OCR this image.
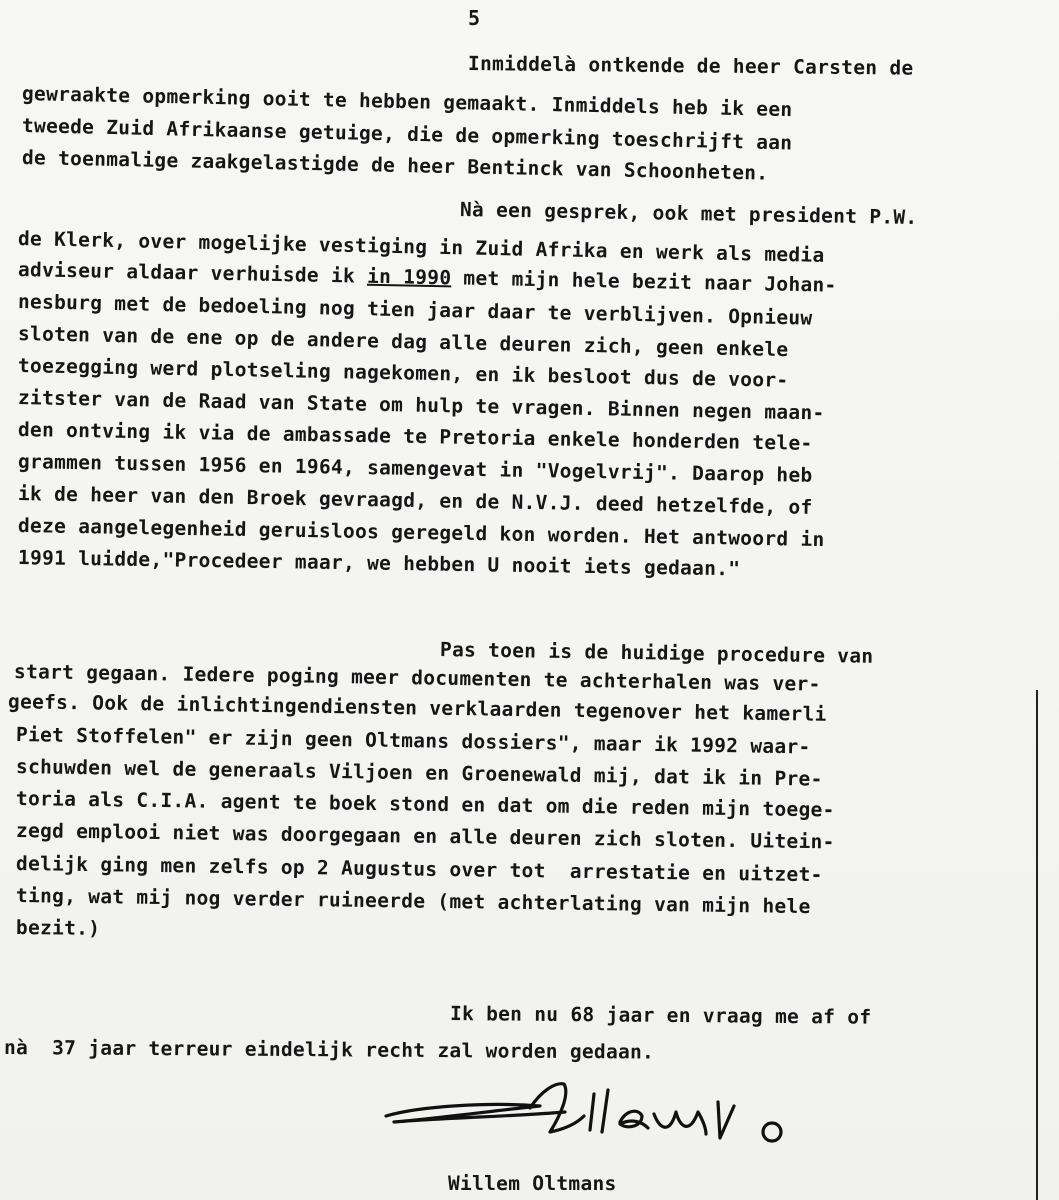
5
Inmiddelà ontkende de heer Carsten de
gewraakte opmerking ooit te hebben gemaakt. Inmiddels heb ik een
tweede Zuid Afrikaanse getuige, die de opmerking toeschrijft aan
de toenmalige zaakgelastigde de heer Bentinck van Schoonheten.
Nà een gesprek, ook met president P.W.
de Klerk, over mogelijke vestiging in Zuid Afrika en werk als media
adviseur aldaar verhuisde ik in 1990 met mijn hele bezit naar Johan-
nesburg met de bedoeling nog tien jaar daar te verblijven. Opnieuw
sloten van de ene op de andere dag alle deuren zich, geen enkele
toezegging werd plotseling nagekomen, en ik besloot dus de voor-
zitster van de Raad van State om hulp te vragen. Binnen negen maan-
den ontving ik via de ambassade te Pretoria enkele honderden tele-
grammen tussen 1956 en 1964, samengevat in "Vogelvrij". Daarop heb
ik de heer van den Broek gevraagd, en de N.V.J. deed hetzelfde, of
deze aangelegenheid geruisloos geregeld kon worden. Het antwoord in
1991 luidde,"Procedeer maar, we hebben U nooit iets gedaan."
Pas toen is de huidige procedure van
start gegaan. Iedere poging meer documenten te achterhalen was ver-
geefs. Ook de inlichtingendiensten verklaarden tegenover het kamerli
Piet Stoffelen" er zijn geen Oltmans dossiers", maar ik 1992 waar-
schuwden wel de generaals Viljoen en Groenewald mij, dat ik in Pre-
toria als C.I.A. agent te boek stond en dat om die reden mijn toege-
zegd emplooi niet was doorgegaan en alle deuren zich sloten. Uitein-
delijk ging men zelfs op 2 Augustus over tot  arrestatie en uitzet-
ting, wat mij nog verder ruineerde (met achterlating van mijn hele
bezit.)
Ik ben nu 68 jaar en vraag me af of
nà  37 jaar terreur eindelijk recht zal worden gedaan.
Willem Oltmans
